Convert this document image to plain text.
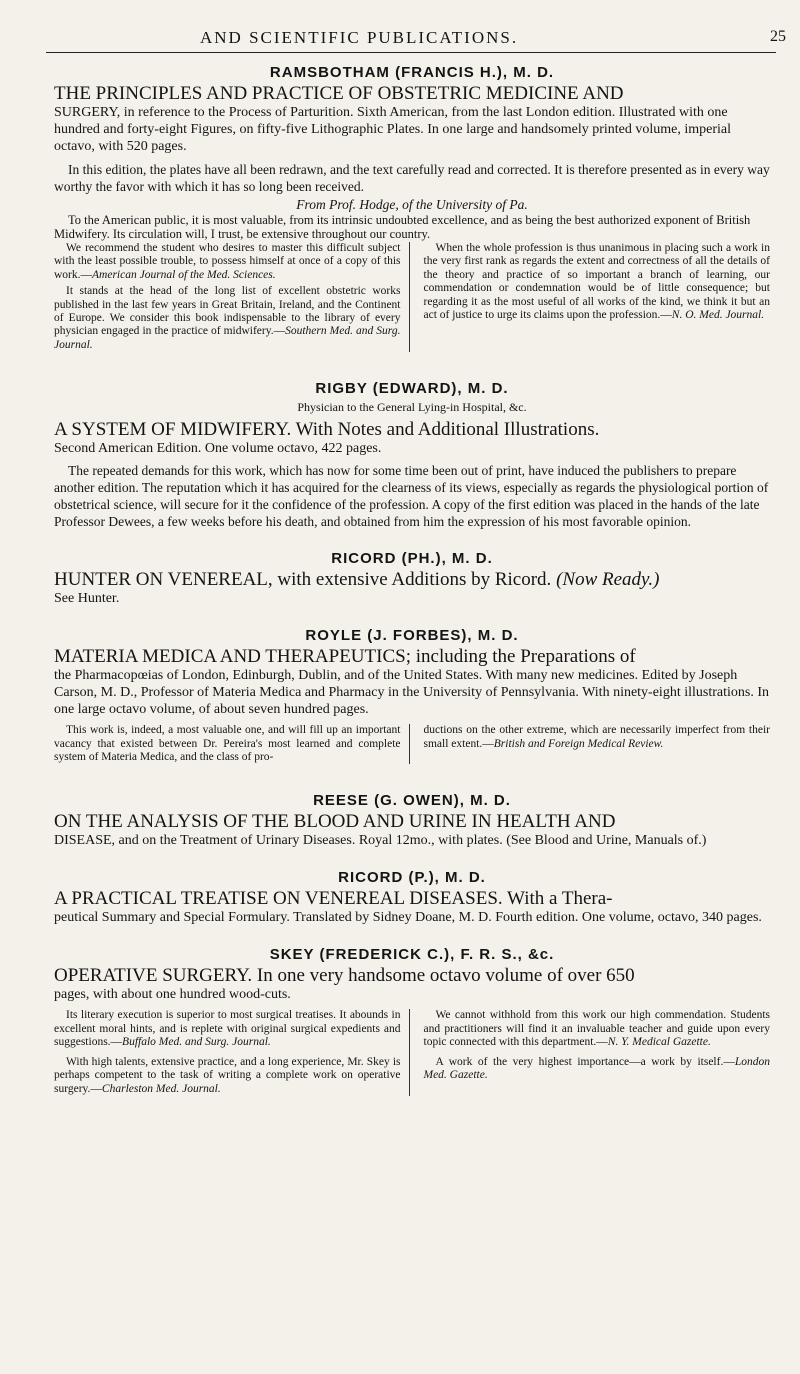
AND SCIENTIFIC PUBLICATIONS.	25

RAMSBOTHAM (FRANCIS H.), M. D.

THE PRINCIPLES AND PRACTICE OF OBSTETRIC MEDICINE AND

SURGERY, in reference to the Process of Parturition. Sixth American, from the last London edition. Illustrated with one hundred and forty-eight Figures, on fifty-five Lithographic Plates. In one large and handsomely printed volume, imperial octavo, with 520 pages.

In this edition, the plates have all been redrawn, and the text carefully read and corrected. It is therefore presented as in every way worthy the favor with which it has so long been received.

From Prof. Hodge, of the University of Pa.

To the American public, it is most valuable, from its intrinsic undoubted excellence, and as being the best authorized exponent of British Midwifery. Its circulation will, I trust, be extensive throughout our country.

We recommend the student who desires to master this difficult subject with the least possible trouble, to possess himself at once of a copy of this work.—American Journal of the Med. Sciences.

It stands at the head of the long list of excellent obstetric works published in the last few years in Great Britain, Ireland, and the Continent of Europe. We consider this book indispensable to the library of every physician engaged in the practice of midwifery.—Southern Med. and Surg. Journal.

When the whole profession is thus unanimous in placing such a work in the very first rank as regards the extent and correctness of all the details of the theory and practice of so important a branch of learning, our commendation or condemnation would be of little consequence; but regarding it as the most useful of all works of the kind, we think it but an act of justice to urge its claims upon the profession.—N. O. Med. Journal.

RIGBY (EDWARD), M. D.

Physician to the General Lying-in Hospital, &c.

A SYSTEM OF MIDWIFERY. With Notes and Additional Illustrations.

Second American Edition. One volume octavo, 422 pages.

The repeated demands for this work, which has now for some time been out of print, have induced the publishers to prepare another edition. The reputation which it has acquired for the clearness of its views, especially as regards the physiological portion of obstetrical science, will secure for it the confidence of the profession. A copy of the first edition was placed in the hands of the late Professor Dewees, a few weeks before his death, and obtained from him the expression of his most favorable opinion.

RICORD (PH.), M. D.

HUNTER ON VENEREAL, with extensive Additions by Ricord. (Now Ready.)

See Hunter.

ROYLE (J. FORBES), M. D.

MATERIA MEDICA AND THERAPEUTICS; including the Preparations of

the Pharmacopœias of London, Edinburgh, Dublin, and of the United States. With many new medicines. Edited by Joseph Carson, M. D., Professor of Materia Medica and Pharmacy in the University of Pennsylvania. With ninety-eight illustrations. In one large octavo volume, of about seven hundred pages.

This work is, indeed, a most valuable one, and will fill up an important vacancy that existed between Dr. Pereira's most learned and complete system of Materia Medica, and the class of pro-

ductions on the other extreme, which are necessarily imperfect from their small extent.—British and Foreign Medical Review.

REESE (G. OWEN), M. D.

ON THE ANALYSIS OF THE BLOOD AND URINE IN HEALTH AND

DISEASE, and on the Treatment of Urinary Diseases. Royal 12mo., with plates. (See Blood and Urine, Manuals of.)

RICORD (P.), M. D.

A PRACTICAL TREATISE ON VENEREAL DISEASES. With a Thera-

peutical Summary and Special Formulary. Translated by Sidney Doane, M. D. Fourth edition. One volume, octavo, 340 pages.

SKEY (FREDERICK C.), F. R. S., &c.

OPERATIVE SURGERY. In one very handsome octavo volume of over 650

pages, with about one hundred wood-cuts.

Its literary execution is superior to most surgical treatises. It abounds in excellent moral hints, and is replete with original surgical expedients and suggestions.—Buffalo Med. and Surg. Journal.

With high talents, extensive practice, and a long experience, Mr. Skey is perhaps competent to the task of writing a complete work on operative surgery.—Charleston Med. Journal.

We cannot withhold from this work our high commendation. Students and practitioners will find it an invaluable teacher and guide upon every topic connected with this department.—N. Y. Medical Gazette.

A work of the very highest importance—a work by itself.—London Med. Gazette.
